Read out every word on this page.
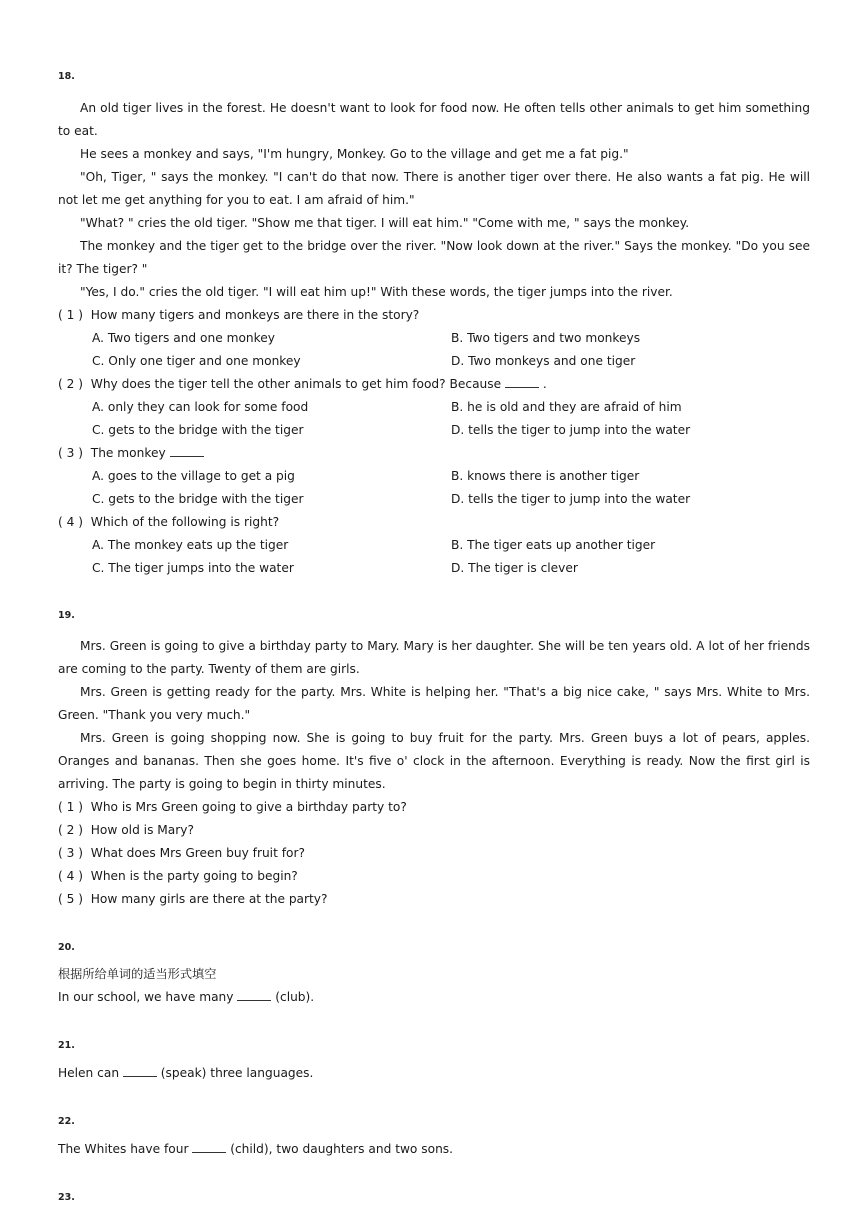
18.

An old tiger lives in the forest. He doesn't want to look for food now. He often tells other animals to get him something to eat.

He sees a monkey and says, "I'm hungry, Monkey. Go to the village and get me a fat pig."

"Oh, Tiger, " says the monkey. "I can't do that now. There is another tiger over there. He also wants a fat pig. He will not let me get anything for you to eat. I am afraid of him."

"What? " cries the old tiger. "Show me that tiger. I will eat him." "Come with me, " says the monkey.

The monkey and the tiger get to the bridge over the river. "Now look down at the river." Says the monkey. "Do you see it? The tiger? "

"Yes, I do." cries the old tiger. "I will eat him up!" With these words, the tiger jumps into the river.

( 1 ) How many tigers and monkeys are there in the story?
A. Two tigers and one monkey	B. Two tigers and two monkeys
C. Only one tiger and one monkey	D. Two monkeys and one tiger
( 2 ) Why does the tiger tell the other animals to get him food? Because	.
A. only they can look for some food	B. he is old and they are afraid of him
C. gets to the bridge with the tiger	D. tells the tiger to jump into the water
( 3 ) The monkey
A. goes to the village to get a pig	B. knows there is another tiger
C. gets to the bridge with the tiger	D. tells the tiger to jump into the water
( 4 ) Which of the following is right?
A. The monkey eats up the tiger	B. The tiger eats up another tiger
C. The tiger jumps into the water	D. The tiger is clever
19.

Mrs. Green is going to give a birthday party to Mary. Mary is her daughter. She will be ten years old. A lot of her friends are coming to the party. Twenty of them are girls.

Mrs. Green is getting ready for the party. Mrs. White is helping her. "That's a big nice cake, " says Mrs. White to Mrs. Green. "Thank you very much."

Mrs. Green is going shopping now. She is going to buy fruit for the party. Mrs. Green buys a lot of pears, apples. Oranges and bananas. Then she goes home. It's five o' clock in the afternoon. Everything is ready. Now the first girl is arriving. The party is going to begin in thirty minutes.

( 1 ) Who is Mrs Green going to give a birthday party to?
( 2 ) How old is Mary?
( 3 ) What does Mrs Green buy fruit for?
( 4 ) When is the party going to begin?
( 5 ) How many girls are there at the party?
20.
根据所给单词的适当形式填空
In our school, we have many	(club).
21.
Helen can	(speak) three languages.
22.
The Whites have four	(child), two daughters and two sons.
23.
